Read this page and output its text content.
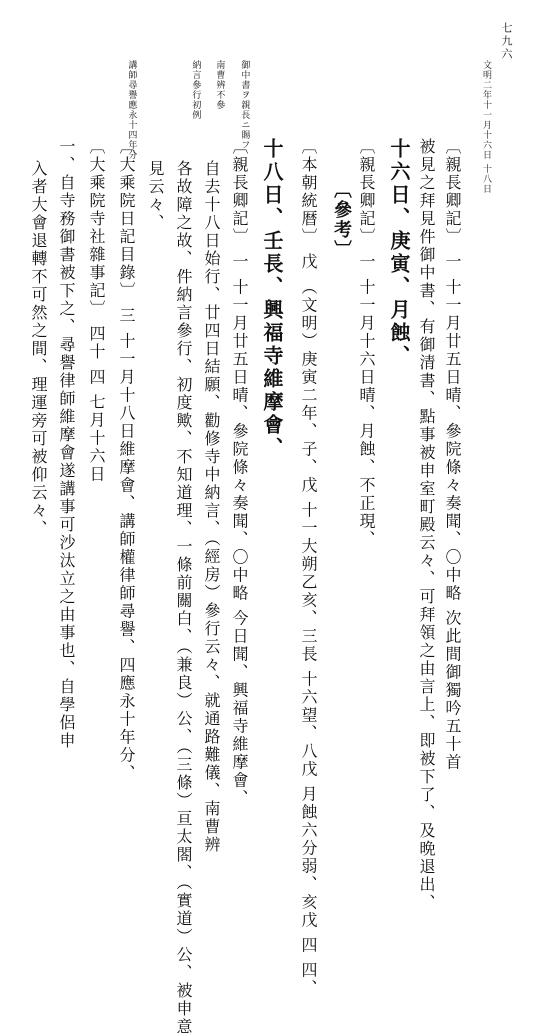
七九六
文明二年十一月十六日 十八日
〔親長卿記〕 一 十一月廿五日晴、參院條々奏聞、〇中略 次此間御獨吟五十首
被見之拜見件御中書、有御清書、點事被申室町殿云々、可拜領之由言上、即被下了、及晩退出、
十六日、庚寅、月蝕、
〔親長卿記〕 一 十一月十六日晴、月蝕、不正現、
〔參考〕
〔本朝統暦〕 戊 （文明）庚寅二年、子、戊 十一大朔乙亥、三長 十六望、八戊 月蝕六分弱、亥戊 四 四、
十八日、壬長、興福寺維摩會、
〔親長卿記〕 一 十一月廿五日晴、參院條々奏聞、〇中略 今日聞、興福寺維摩會、
自去十八日始行、廿四日結願、勸修寺中納言、（經房）參行云々、就通路難儀、南曹辨
各故障之故、件納言參行、初度歟、不知道理、一條前關白、（兼良）公、（三條）亘太閤、（實道）公、被申意
見云々、
〔大乘院日記目錄〕 三 十一月十八日維摩會、講師權律師尋譽、四應永十年分、
〔大乘院寺社雜事記〕 四十 四 七月十六日
一、自寺務御書被下之、尋譽律師維摩會遂講事可沙汰立之由事也、自學侶申
入者大會退轉不可然之間、理運旁可被仰云々、
御中書ヲ親長ニ賜フ
南曹辨不參
納言參行初例
講師尋譽應永十四年分
